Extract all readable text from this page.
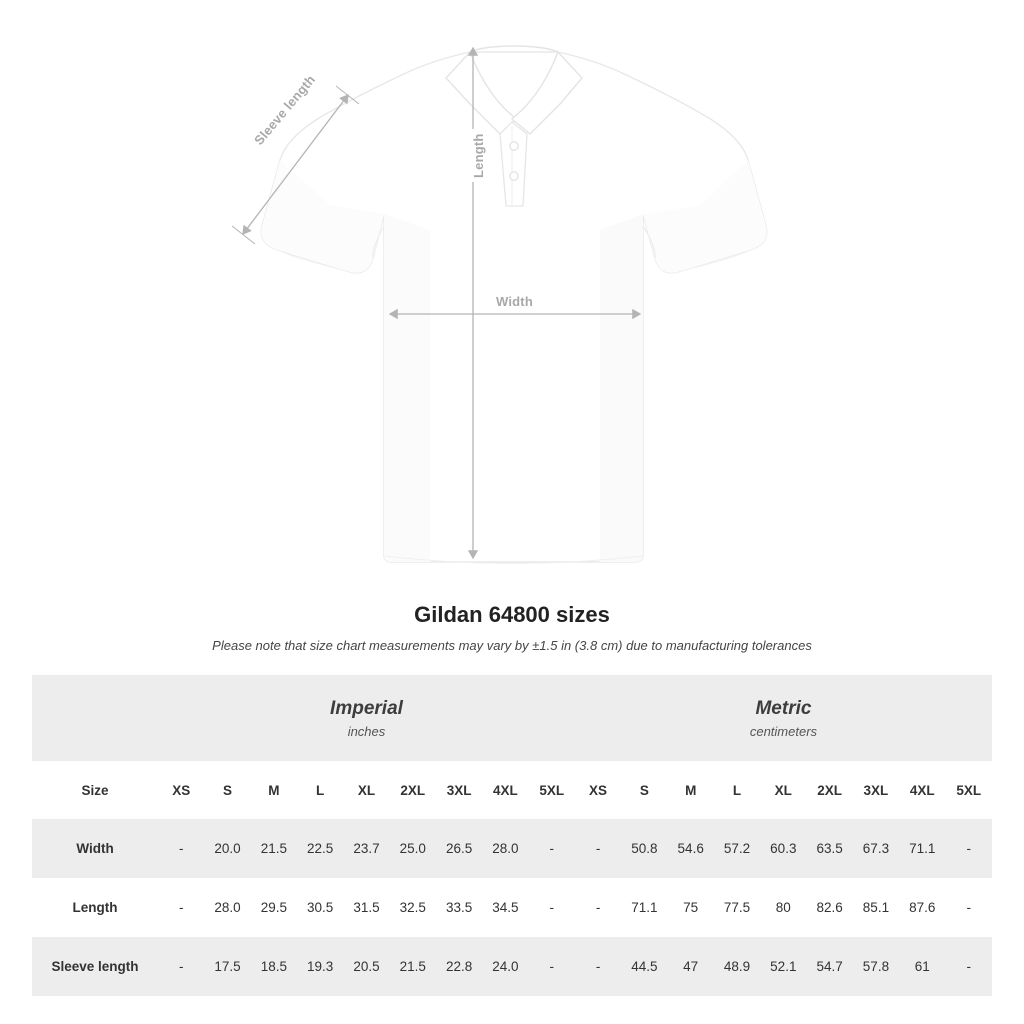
Sleeve length
Length
Width
Gildan 64800 sizes

Please note that size chart measurements may vary by ±1.5 in (3.8 cm) due to manufacturing tolerances

	Imperial
inches									Metric
centimeters								

Size	XS	S	M	L	XL	2XL	3XL	4XL	5XL	XS	S	M	L	XL	2XL	3XL	4XL	5XL
Width	-	20.0	21.5	22.5	23.7	25.0	26.5	28.0	-	-	50.8	54.6	57.2	60.3	63.5	67.3	71.1	-
Length	-	28.0	29.5	30.5	31.5	32.5	33.5	34.5	-	-	71.1	75	77.5	80	82.6	85.1	87.6	-
Sleeve length	-	17.5	18.5	19.3	20.5	21.5	22.8	24.0	-	-	44.5	47	48.9	52.1	54.7	57.8	61	-
